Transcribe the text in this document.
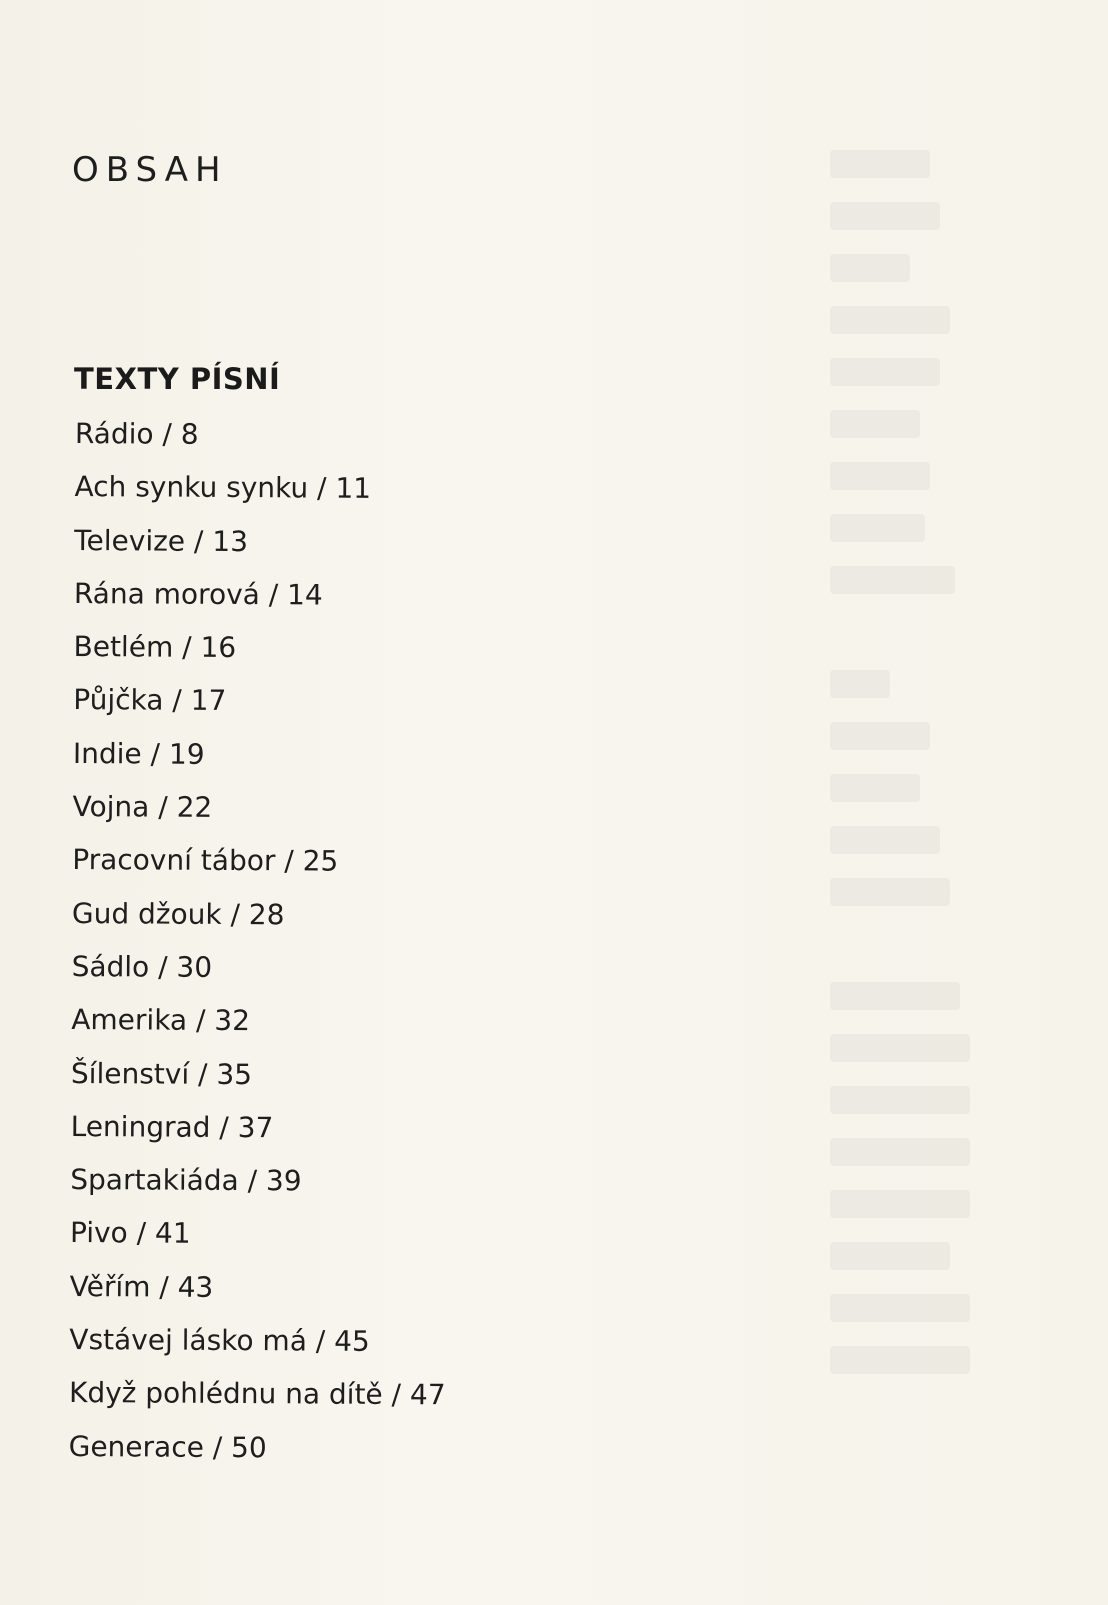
OBSAH
TEXTY PÍSNÍ
Rádio / 8
Ach synku synku / 11
Televize / 13
Rána morová / 14
Betlém / 16
Půjčka / 17
Indie / 19
Vojna / 22
Pracovní tábor / 25
Gud džouk / 28
Sádlo / 30
Amerika / 32
Šílenství / 35
Leningrad / 37
Spartakiáda / 39
Pivo / 41
Věřím / 43
Vstávej lásko má / 45
Když pohlédnu na dítě / 47
Generace / 50
